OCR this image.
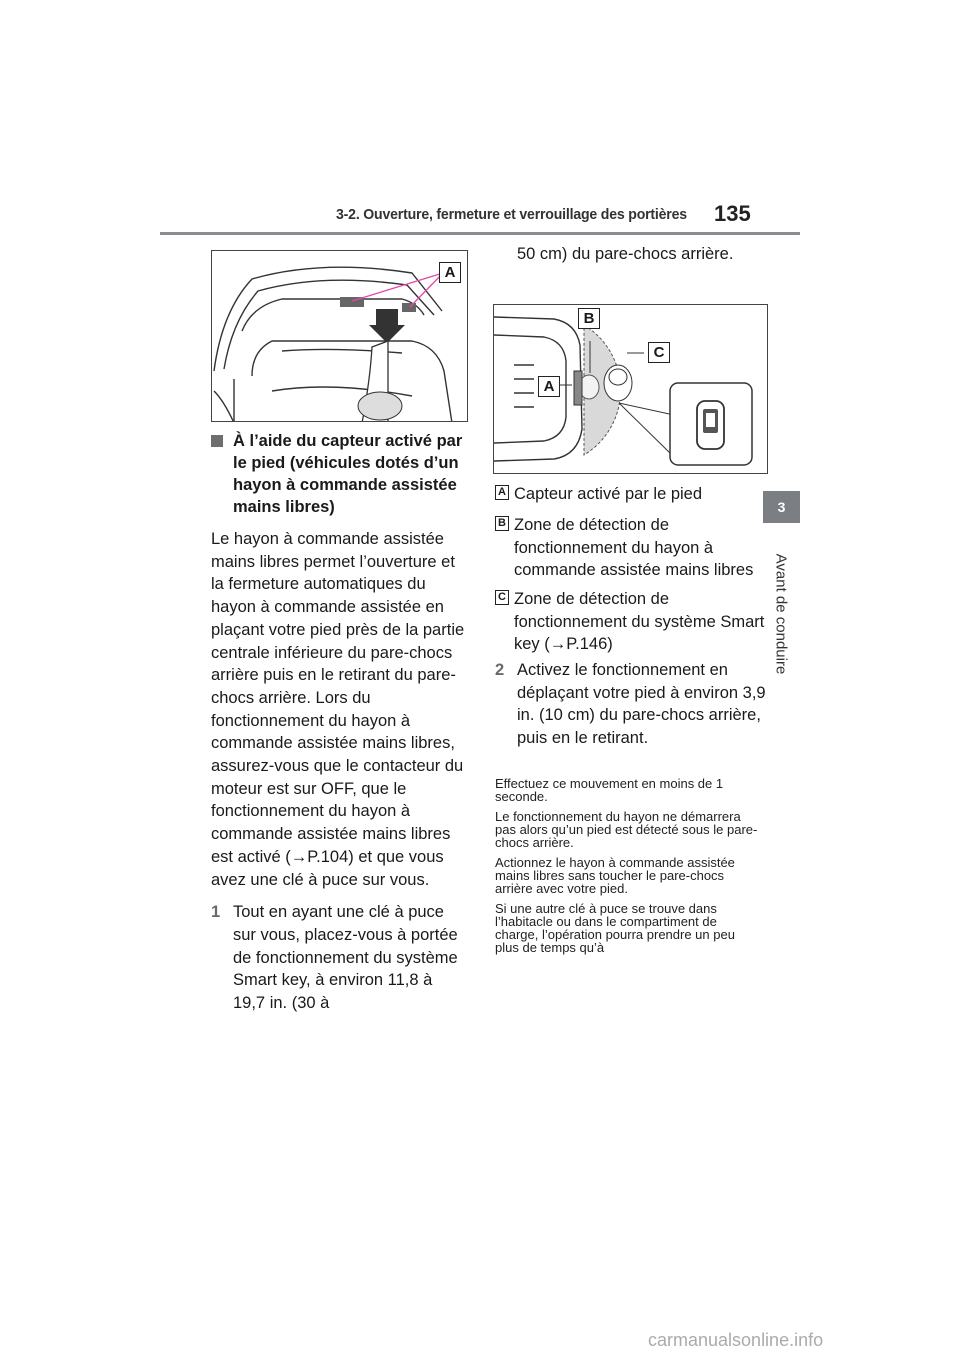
3-2. Ouverture, fermeture et verrouillage des portières 135
3
Avant de conduire
A
B
C
A
À l’aide du capteur activé par le pied (véhicules dotés d’un hayon à commande assistée mains libres)
Le hayon à commande assistée mains libres permet l’ouverture et la fermeture automatiques du hayon à commande assistée en plaçant votre pied près de la partie centrale inférieure du pare-chocs arrière puis en le retirant du pare-chocs arrière. Lors du fonctionnement du hayon à commande assistée mains libres, assurez-vous que le contacteur du moteur est sur OFF, que le fonctionnement du hayon à commande assistée mains libres est activé (→P.104) et que vous avez une clé à puce sur vous.
1 Tout en ayant une clé à puce sur vous, placez-vous à portée de fonctionnement du système Smart key, à environ 11,8 à 19,7 in. (30 à
50 cm) du pare-chocs arrière.
A Capteur activé par le pied
B Zone de détection de fonctionnement du hayon à commande assistée mains libres
C Zone de détection de fonctionnement du système Smart key (→P.146)
2 Activez le fonctionnement en déplaçant votre pied à environ 3,9 in. (10 cm) du pare-chocs arrière, puis en le retirant.

Effectuez ce mouvement en moins de 1 seconde.

Le fonctionnement du hayon ne démarrera pas alors qu’un pied est détecté sous le pare-chocs arrière.

Actionnez le hayon à commande assistée mains libres sans toucher le pare-chocs arrière avec votre pied.

Si une autre clé à puce se trouve dans l’habitacle ou dans le compartiment de charge, l’opération pourra prendre un peu plus de temps qu’à

carmanualsonline.info
